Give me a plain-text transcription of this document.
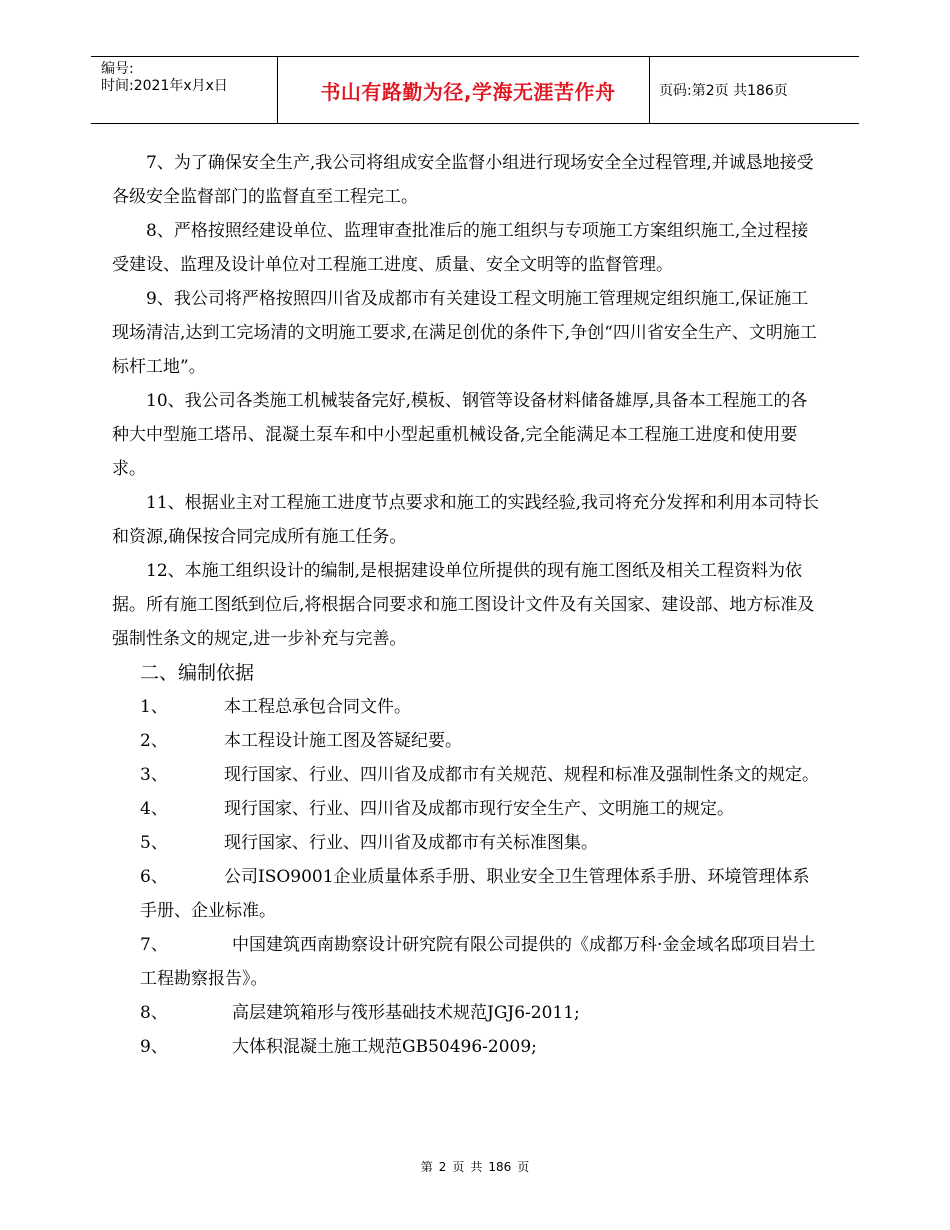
编号:
时间:2021年x月x日	书山有路勤为径,学海无涯苦作舟	页码:第2页 共186页

7、为了确保安全生产,我公司将组成安全监督小组进行现场安全全过程管理,并诚恳地接受各级安全监督部门的监督直至工程完工。

8、严格按照经建设单位、监理审查批准后的施工组织与专项施工方案组织施工,全过程接受建设、监理及设计单位对工程施工进度、质量、安全文明等的监督管理。

9、我公司将严格按照四川省及成都市有关建设工程文明施工管理规定组织施工,保证施工现场清洁,达到工完场清的文明施工要求,在满足创优的条件下,争创“四川省安全生产、文明施工标杆工地”。

10、我公司各类施工机械装备完好,模板、钢管等设备材料储备雄厚,具备本工程施工的各种大中型施工塔吊、混凝土泵车和中小型起重机械设备,完全能满足本工程施工进度和使用要求。

11、根据业主对工程施工进度节点要求和施工的实践经验,我司将充分发挥和利用本司特长和资源,确保按合同完成所有施工任务。

12、本施工组织设计的编制,是根据建设单位所提供的现有施工图纸及相关工程资料为依据。所有施工图纸到位后,将根据合同要求和施工图设计文件及有关国家、建设部、地方标准及强制性条文的规定,进一步补充与完善。

二、编制依据
1、	本工程总承包合同文件。
2、	本工程设计施工图及答疑纪要。
3、	现行国家、行业、四川省及成都市有关规范、规程和标准及强制性条文的规定。
4、	现行国家、行业、四川省及成都市现行安全生产、文明施工的规定。
5、	现行国家、行业、四川省及成都市有关标准图集。
6、	公司ISO9001企业质量体系手册、职业安全卫生管理体系手册、环境管理体系手册、企业标准。
7、	中国建筑西南勘察设计研究院有限公司提供的《成都万科·金金域名邸项目岩土工程勘察报告》。
8、	高层建筑箱形与筏形基础技术规范JGJ6-2011;
9、	大体积混凝土施工规范GB50496-2009;
第 2 页 共 186 页
